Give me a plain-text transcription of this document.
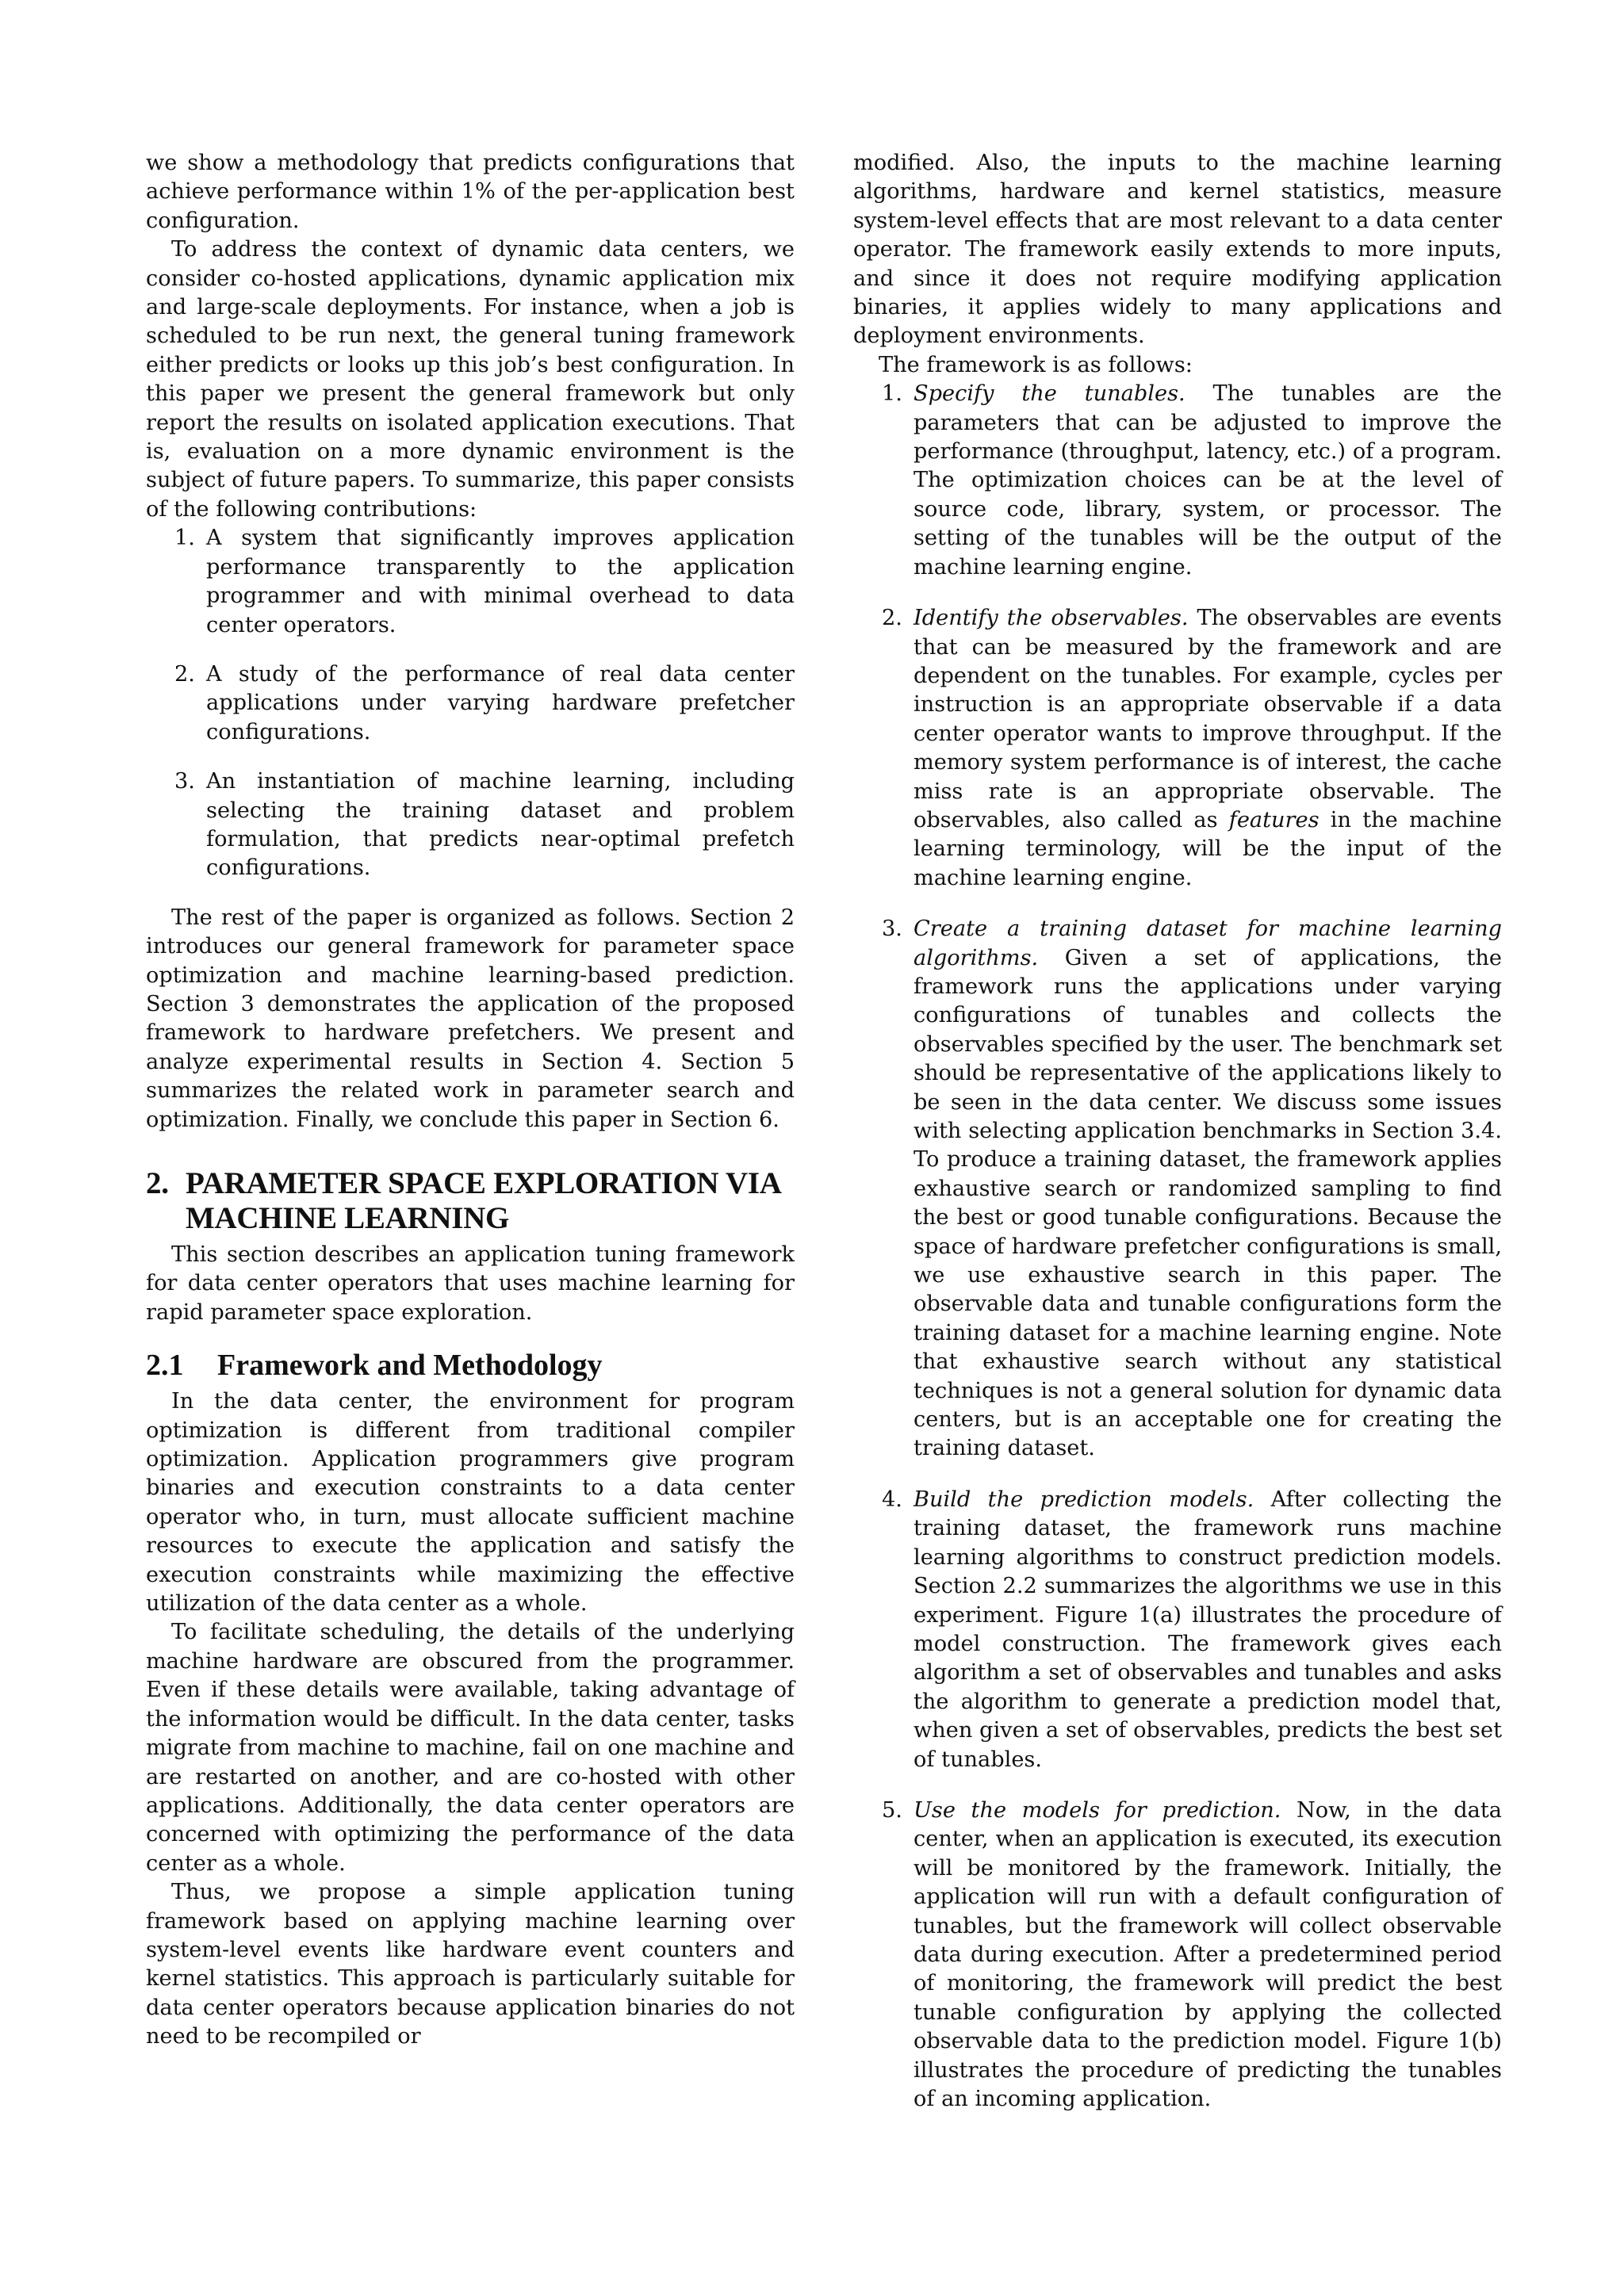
we show a methodology that predicts configurations that achieve performance within 1% of the per-application best configuration.

To address the context of dynamic data centers, we consider co-hosted applications, dynamic application mix and large-scale deployments. For instance, when a job is scheduled to be run next, the general tuning framework either predicts or looks up this job’s best configuration. In this paper we present the general framework but only report the results on isolated application executions. That is, evaluation on a more dynamic environment is the subject of future papers. To summarize, this paper consists of the following contributions:

1. A system that significantly improves application performance transparently to the application programmer and with minimal overhead to data center operators.
2. A study of the performance of real data center applications under varying hardware prefetcher configurations.
3. An instantiation of machine learning, including selecting the training dataset and problem formulation, that predicts near-optimal prefetch configurations.

The rest of the paper is organized as follows. Section 2 introduces our general framework for parameter space optimization and machine learning-based prediction. Section 3 demonstrates the application of the proposed framework to hardware prefetchers. We present and analyze experimental results in Section 4. Section 5 summarizes the related work in parameter search and optimization. Finally, we conclude this paper in Section 6.

2. PARAMETER SPACE EXPLORATION VIA MACHINE LEARNING

This section describes an application tuning framework for data center operators that uses machine learning for rapid parameter space exploration.

2.1 Framework and Methodology

In the data center, the environment for program optimization is different from traditional compiler optimization. Application programmers give program binaries and execution constraints to a data center operator who, in turn, must allocate sufficient machine resources to execute the application and satisfy the execution constraints while maximizing the effective utilization of the data center as a whole.

To facilitate scheduling, the details of the underlying machine hardware are obscured from the programmer. Even if these details were available, taking advantage of the information would be difficult. In the data center, tasks migrate from machine to machine, fail on one machine and are restarted on another, and are co-hosted with other applications. Additionally, the data center operators are concerned with optimizing the performance of the data center as a whole.

Thus, we propose a simple application tuning framework based on applying machine learning over system-level events like hardware event counters and kernel statistics. This approach is particularly suitable for data center operators because application binaries do not need to be recompiled or

modified. Also, the inputs to the machine learning algorithms, hardware and kernel statistics, measure system-level effects that are most relevant to a data center operator. The framework easily extends to more inputs, and since it does not require modifying application binaries, it applies widely to many applications and deployment environments.

The framework is as follows:

1. Specify the tunables. The tunables are the parameters that can be adjusted to improve the performance (throughput, latency, etc.) of a program. The optimization choices can be at the level of source code, library, system, or processor. The setting of the tunables will be the output of the machine learning engine.
2. Identify the observables. The observables are events that can be measured by the framework and are dependent on the tunables. For example, cycles per instruction is an appropriate observable if a data center operator wants to improve throughput. If the memory system performance is of interest, the cache miss rate is an appropriate observable. The observables, also called as features in the machine learning terminology, will be the input of the machine learning engine.
3. Create a training dataset for machine learning algorithms. Given a set of applications, the framework runs the applications under varying configurations of tunables and collects the observables specified by the user. The benchmark set should be representative of the applications likely to be seen in the data center. We discuss some issues with selecting application benchmarks in Section 3.4. To produce a training dataset, the framework applies exhaustive search or randomized sampling to find the best or good tunable configurations. Because the space of hardware prefetcher configurations is small, we use exhaustive search in this paper. The observable data and tunable configurations form the training dataset for a machine learning engine. Note that exhaustive search without any statistical techniques is not a general solution for dynamic data centers, but is an acceptable one for creating the training dataset.
4. Build the prediction models. After collecting the training dataset, the framework runs machine learning algorithms to construct prediction models. Section 2.2 summarizes the algorithms we use in this experiment. Figure 1(a) illustrates the procedure of model construction. The framework gives each algorithm a set of observables and tunables and asks the algorithm to generate a prediction model that, when given a set of observables, predicts the best set of tunables.
5. Use the models for prediction. Now, in the data center, when an application is executed, its execution will be monitored by the framework. Initially, the application will run with a default configuration of tunables, but the framework will collect observable data during execution. After a predetermined period of monitoring, the framework will predict the best tunable configuration by applying the collected observable data to the prediction model. Figure 1(b) illustrates the procedure of predicting the tunables of an incoming application.
